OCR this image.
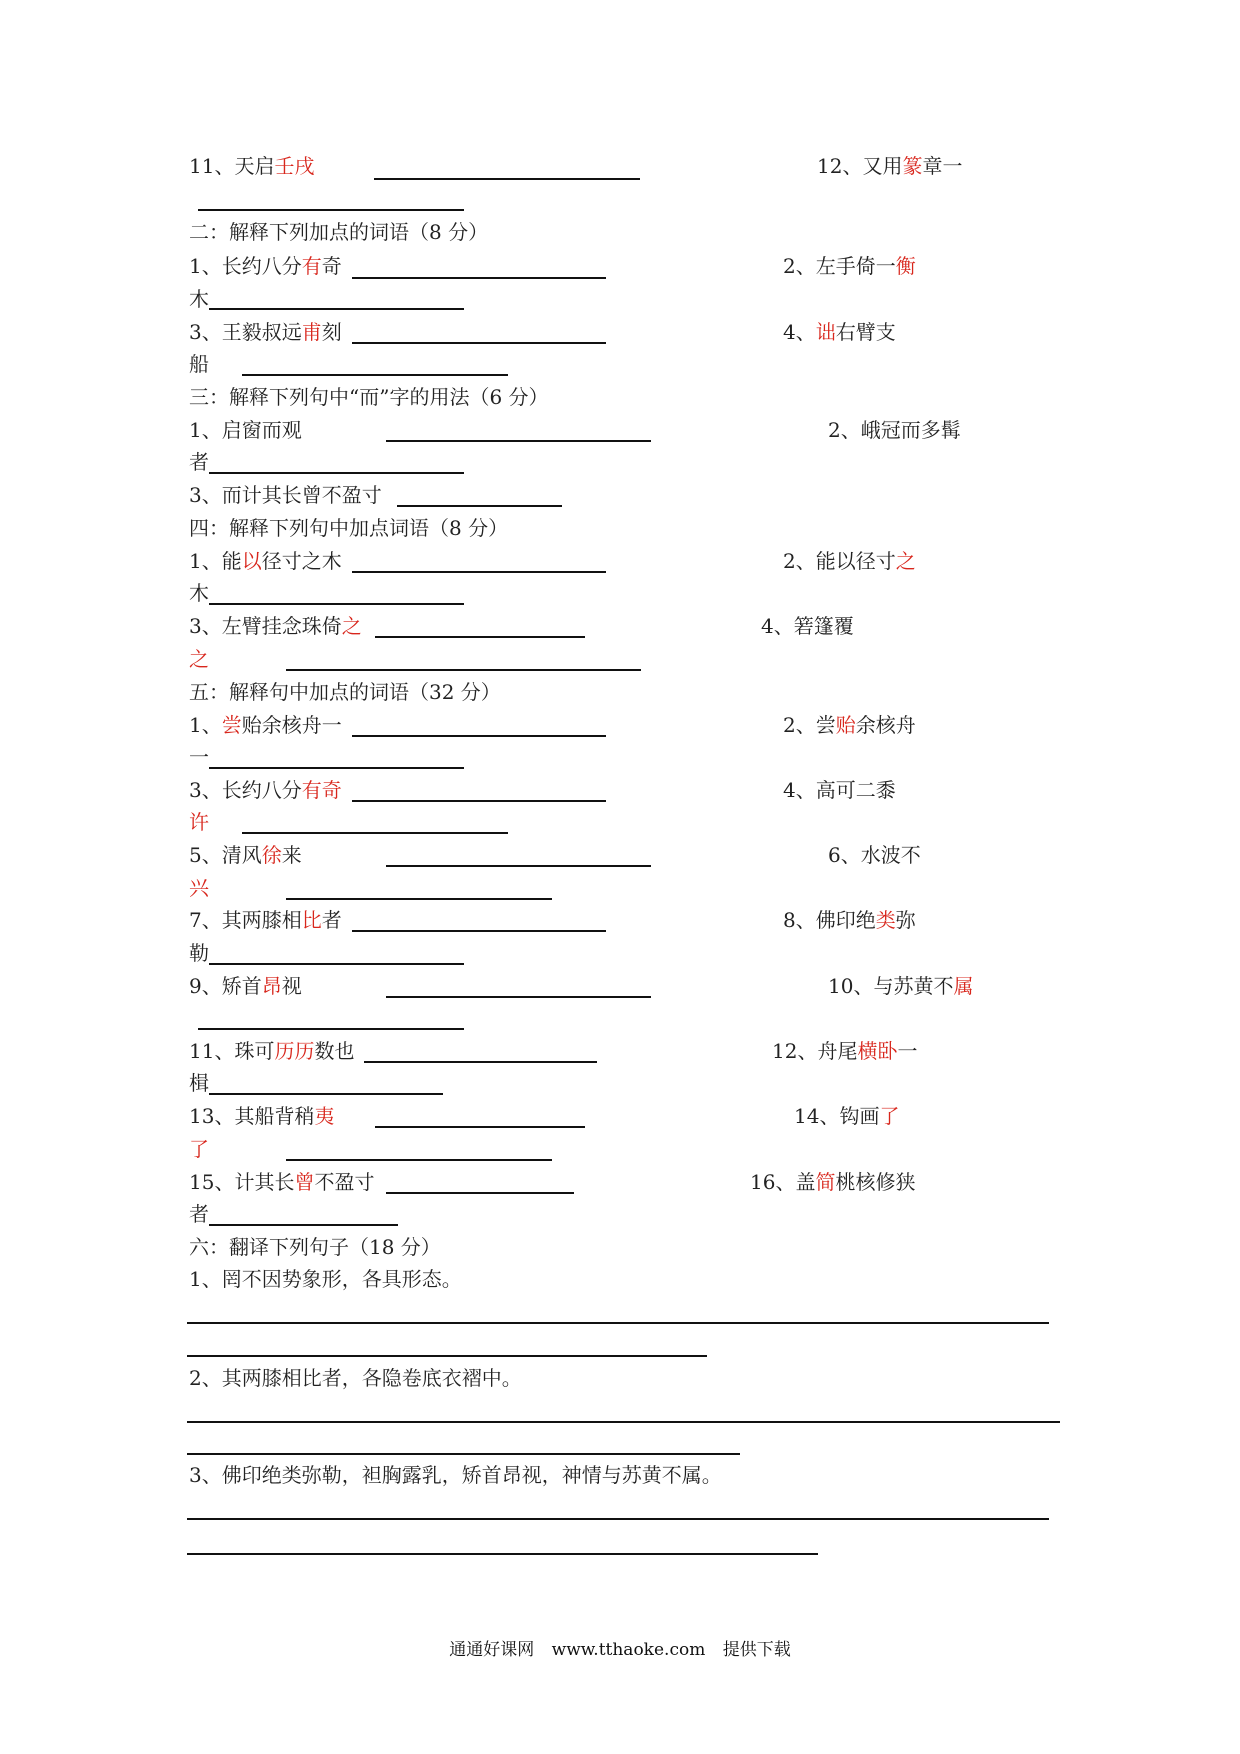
11、天启壬戌	12、又用篆章一
二：解释下列加点的词语（8 分）
1、长约八分有奇	2、左手倚一衡
木
3、王毅叔远甫刻	4、诎右臂支
船
三：解释下列句中“而”字的用法（6 分）
1、启窗而观	2、峨冠而多髯
者
3、而计其长曾不盈寸
四：解释下列句中加点词语（8 分）
1、能以径寸之木	2、能以径寸之
木
3、左臂挂念珠倚之	4、箬篷覆
之
五：解释句中加点的词语（32 分）
1、尝贻余核舟一	2、尝贻余核舟
一
3、长约八分有奇	4、高可二黍
许
5、清风徐来	6、水波不
兴
7、其两膝相比者	8、佛印绝类弥
勒
9、矫首昂视	10、与苏黄不属
11、珠可历历数也	12、舟尾横卧一
楫
13、其船背稍夷	14、钩画了
了
15、计其长曾不盈寸	16、盖简桃核修狭
者
六：翻译下列句子（18 分）
1、罔不因势象形，各具形态。
2、其两膝相比者，各隐卷底衣褶中。
3、佛印绝类弥勒，袒胸露乳，矫首昂视，神情与苏黄不属。
通通好课网 www.tthaoke.com 提供下载
